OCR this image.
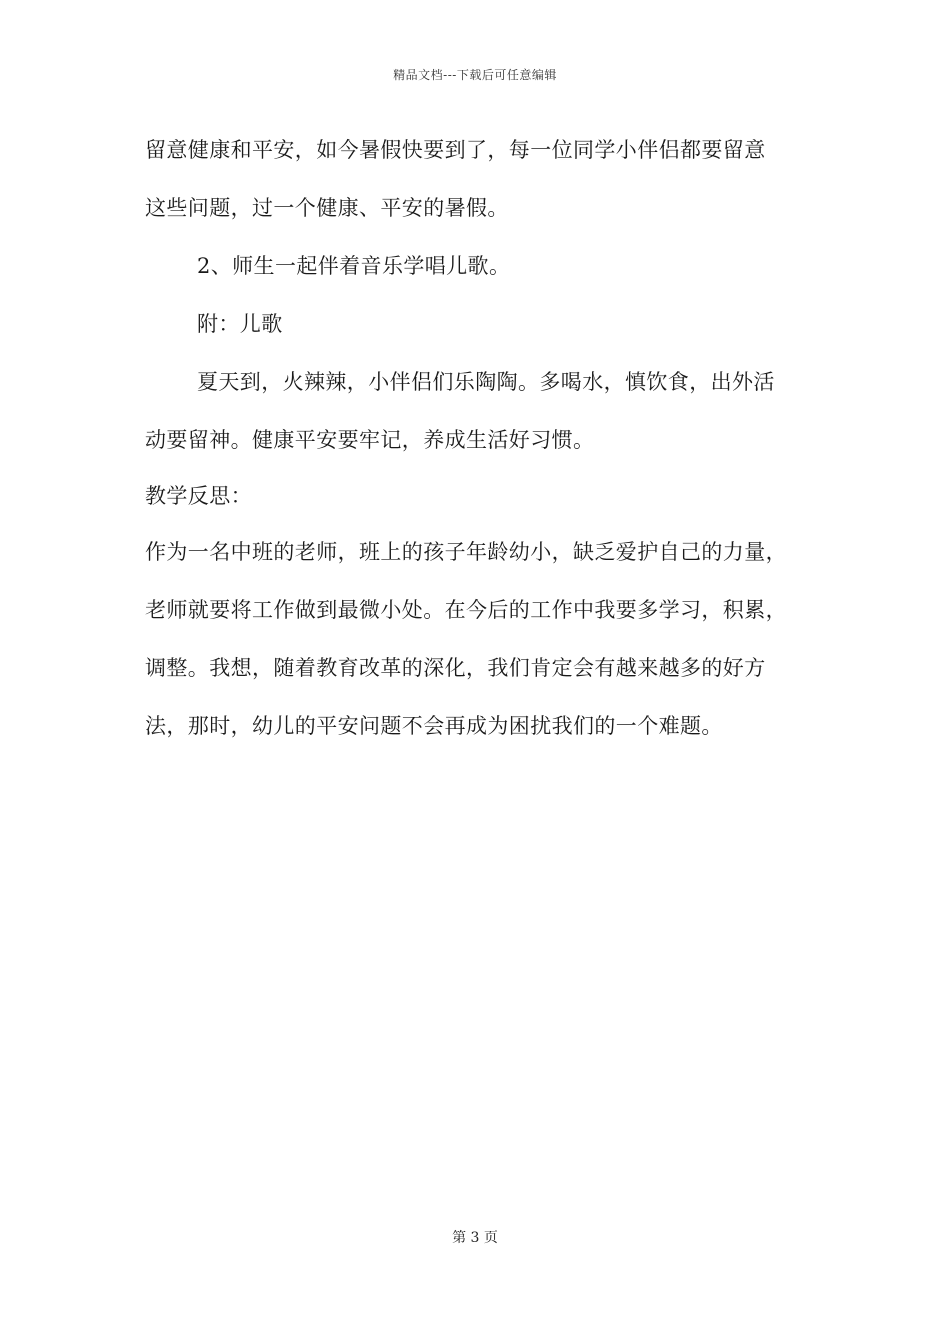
精品文档---下载后可任意编辑
留意健康和平安，如今暑假快要到了，每一位同学小伴侣都要留意
这些问题，过一个健康、平安的暑假。
2、师生一起伴着音乐学唱儿歌。
附：儿歌
夏天到，火辣辣，小伴侣们乐陶陶。多喝水，慎饮食，出外活
动要留神。健康平安要牢记，养成生活好习惯。
教学反思：
作为一名中班的老师，班上的孩子年龄幼小，缺乏爱护自己的力量，
老师就要将工作做到最微小处。在今后的工作中我要多学习，积累，
调整。我想，随着教育改革的深化，我们肯定会有越来越多的好方
法，那时，幼儿的平安问题不会再成为困扰我们的一个难题。
第 3 页
